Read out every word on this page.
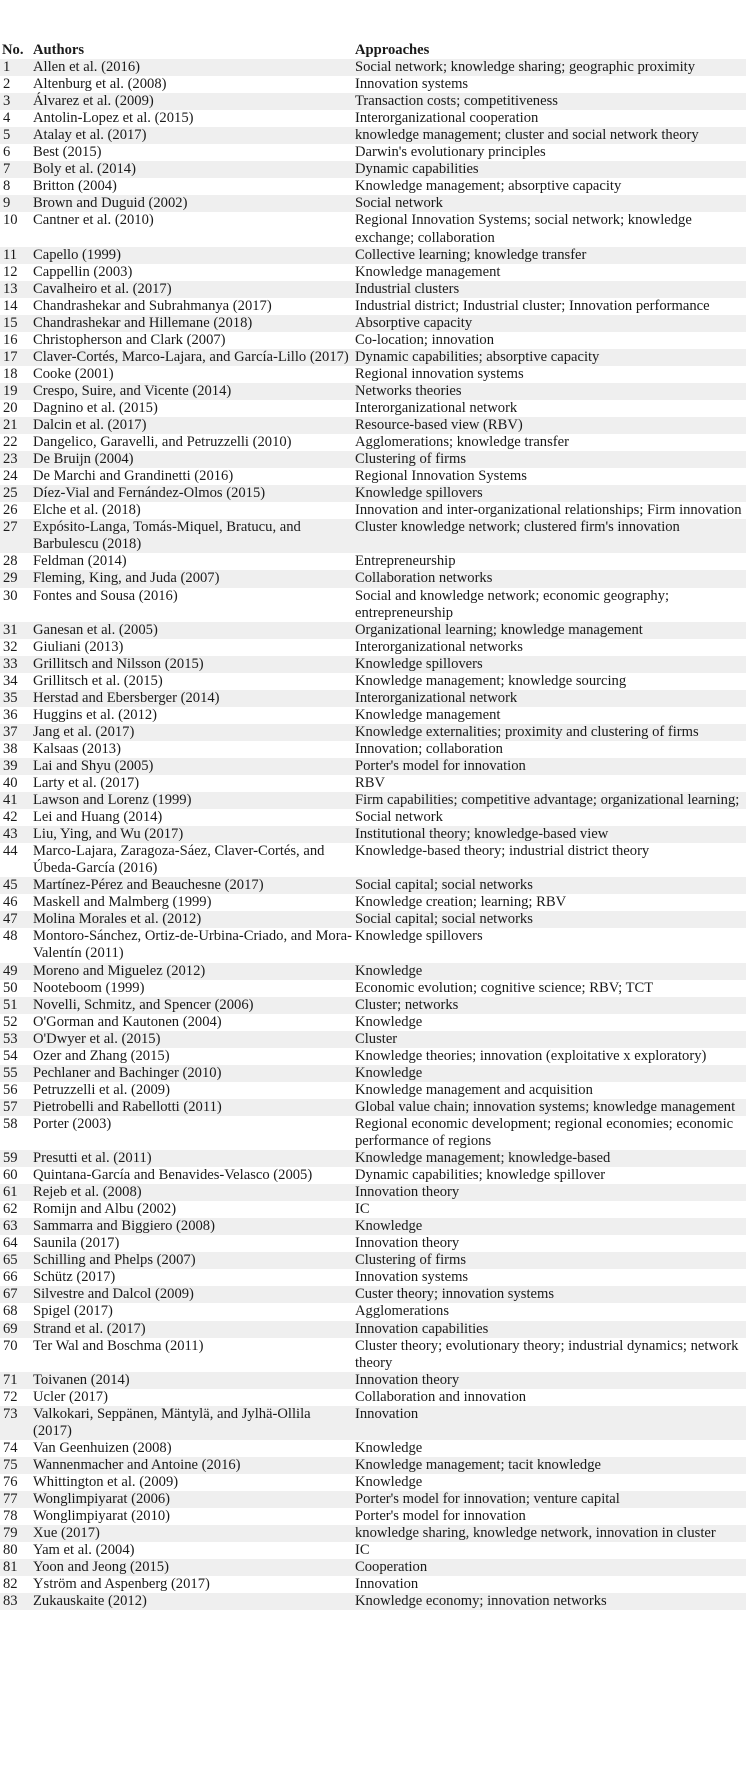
No.	Authors	Approaches
1	Allen et al. (2016)	Social network; knowledge sharing; geographic proximity
2	Altenburg et al. (2008)	Innovation systems
3	Álvarez et al. (2009)	Transaction costs; competitiveness
4	Antolin-Lopez et al. (2015)	Interorganizational cooperation
5	Atalay et al. (2017)	knowledge management; cluster and social network theory
6	Best (2015)	Darwin's evolutionary principles
7	Boly et al. (2014)	Dynamic capabilities
8	Britton (2004)	Knowledge management; absorptive capacity
9	Brown and Duguid (2002)	Social network
10	Cantner et al. (2010)	Regional Innovation Systems; social network; knowledge exchange; collaboration
11	Capello (1999)	Collective learning; knowledge transfer
12	Cappellin (2003)	Knowledge management
13	Cavalheiro et al. (2017)	Industrial clusters
14	Chandrashekar and Subrahmanya (2017)	Industrial district; Industrial cluster; Innovation performance
15	Chandrashekar and Hillemane (2018)	Absorptive capacity
16	Christopherson and Clark (2007)	Co-location; innovation
17	Claver-Cortés, Marco-Lajara, and García-Lillo (2017)	Dynamic capabilities; absorptive capacity
18	Cooke (2001)	Regional innovation systems
19	Crespo, Suire, and Vicente (2014)	Networks theories
20	Dagnino et al. (2015)	Interorganizational network
21	Dalcin et al. (2017)	Resource-based view (RBV)
22	Dangelico, Garavelli, and Petruzzelli (2010)	Agglomerations; knowledge transfer
23	De Bruijn (2004)	Clustering of firms
24	De Marchi and Grandinetti (2016)	Regional Innovation Systems
25	Díez-Vial and Fernández-Olmos (2015)	Knowledge spillovers
26	Elche et al. (2018)	Innovation and inter-organizational relationships; Firm innovation
27	Expósito-Langa, Tomás-Miquel, Bratucu, and Barbulescu (2018)	Cluster knowledge network; clustered firm's innovation
28	Feldman (2014)	Entrepreneurship
29	Fleming, King, and Juda (2007)	Collaboration networks
30	Fontes and Sousa (2016)	Social and knowledge network; economic geography; entrepreneurship
31	Ganesan et al. (2005)	Organizational learning; knowledge management
32	Giuliani (2013)	Interorganizational networks
33	Grillitsch and Nilsson (2015)	Knowledge spillovers
34	Grillitsch et al. (2015)	Knowledge management; knowledge sourcing
35	Herstad and Ebersberger (2014)	Interorganizational network
36	Huggins et al. (2012)	Knowledge management
37	Jang et al. (2017)	Knowledge externalities; proximity and clustering of firms
38	Kalsaas (2013)	Innovation; collaboration
39	Lai and Shyu (2005)	Porter's model for innovation
40	Larty et al. (2017)	RBV
41	Lawson and Lorenz (1999)	Firm capabilities; competitive advantage; organizational learning;
42	Lei and Huang (2014)	Social network
43	Liu, Ying, and Wu (2017)	Institutional theory; knowledge-based view
44	Marco-Lajara, Zaragoza-Sáez, Claver-Cortés, and Úbeda-García (2016)	Knowledge-based theory; industrial district theory
45	Martínez-Pérez and Beauchesne (2017)	Social capital; social networks
46	Maskell and Malmberg (1999)	Knowledge creation; learning; RBV
47	Molina Morales et al. (2012)	Social capital; social networks
48	Montoro-Sánchez, Ortiz-de-Urbina-Criado, and Mora-Valentín (2011)	Knowledge spillovers
49	Moreno and Miguelez (2012)	Knowledge
50	Nooteboom (1999)	Economic evolution; cognitive science; RBV; TCT
51	Novelli, Schmitz, and Spencer (2006)	Cluster; networks
52	O'Gorman and Kautonen (2004)	Knowledge
53	O'Dwyer et al. (2015)	Cluster
54	Ozer and Zhang (2015)	Knowledge theories; innovation (exploitative x exploratory)
55	Pechlaner and Bachinger (2010)	Knowledge
56	Petruzzelli et al. (2009)	Knowledge management and acquisition
57	Pietrobelli and Rabellotti (2011)	Global value chain; innovation systems; knowledge management
58	Porter (2003)	Regional economic development; regional economies; economic performance of regions
59	Presutti et al. (2011)	Knowledge management; knowledge-based
60	Quintana-García and Benavides-Velasco (2005)	Dynamic capabilities; knowledge spillover
61	Rejeb et al. (2008)	Innovation theory
62	Romijn and Albu (2002)	IC
63	Sammarra and Biggiero (2008)	Knowledge
64	Saunila (2017)	Innovation theory
65	Schilling and Phelps (2007)	Clustering of firms
66	Schütz (2017)	Innovation systems
67	Silvestre and Dalcol (2009)	Custer theory; innovation systems
68	Spigel (2017)	Agglomerations
69	Strand et al. (2017)	Innovation capabilities
70	Ter Wal and Boschma (2011)	Cluster theory; evolutionary theory; industrial dynamics; network theory
71	Toivanen (2014)	Innovation theory
72	Ucler (2017)	Collaboration and innovation
73	Valkokari, Seppänen, Mäntylä, and Jylhä-Ollila (2017)	Innovation
74	Van Geenhuizen (2008)	Knowledge
75	Wannenmacher and Antoine (2016)	Knowledge management; tacit knowledge
76	Whittington et al. (2009)	Knowledge
77	Wonglimpiyarat (2006)	Porter's model for innovation; venture capital
78	Wonglimpiyarat (2010)	Porter's model for innovation
79	Xue (2017)	knowledge sharing, knowledge network, innovation in cluster
80	Yam et al. (2004)	IC
81	Yoon and Jeong (2015)	Cooperation
82	Yström and Aspenberg (2017)	Innovation
83	Zukauskaite (2012)	Knowledge economy; innovation networks
